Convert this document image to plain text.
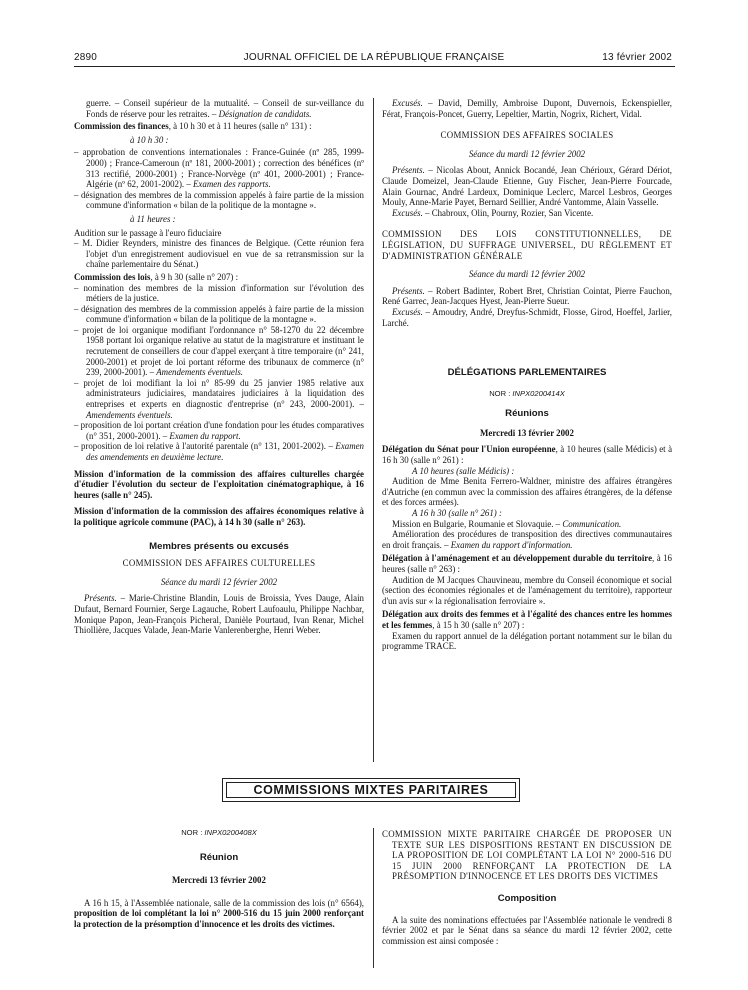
2890	JOURNAL OFFICIEL DE LA RÉPUBLIQUE FRANÇAISE	13 février 2002

guerre. – Conseil supérieur de la mutualité. – Conseil de sur-veillance du Fonds de réserve pour les retraites. – Désignation de candidats.

Commission des finances, à 10 h 30 et à 11 heures (salle n° 131) :

à 10 h 30 :

– approbation de conventions internationales : France-Guinée (nº 285, 1999-2000) ; France-Cameroun (nº 181, 2000-2001) ; correction des bénéfices (nº 313 rectifié, 2000-2001) ; France-Norvège (nº 401, 2000-2001) ; France-Algérie (nº 62, 2001-2002). – Examen des rapports.

– désignation des membres de la commission appelés à faire partie de la mission commune d'information « bilan de la politique de la montagne ».

à 11 heures :

Audition sur le passage à l'euro fiduciaire

– M. Didier Reynders, ministre des finances de Belgique. (Cette réunion fera l'objet d'un enregistrement audiovisuel en vue de sa retransmission sur la chaîne parlementaire du Sénat.)

Commission des lois, à 9 h 30 (salle n° 207) :

– nomination des membres de la mission d'information sur l'évolution des métiers de la justice.

– désignation des membres de la commission appelés à faire partie de la mission commune d'information « bilan de la politique de la montagne ».

– projet de loi organique modifiant l'ordonnance n° 58-1270 du 22 décembre 1958 portant loi organique relative au statut de la magistrature et instituant le recrutement de conseillers de cour d'appel exerçant à titre temporaire (n° 241, 2000-2001) et projet de loi portant réforme des tribunaux de commerce (n° 239, 2000-2001). – Amendements éventuels.

– projet de loi modifiant la loi n° 85-99 du 25 janvier 1985 relative aux administrateurs judiciaires, mandataires judiciaires à la liquidation des entreprises et experts en diagnostic d'entreprise (n° 243, 2000-2001). – Amendements éventuels.

– proposition de loi portant création d'une fondation pour les études comparatives (n° 351, 2000-2001). – Examen du rapport.

– proposition de loi relative à l'autorité parentale (n° 131, 2001-2002). – Examen des amendements en deuxième lecture.

Mission d'information de la commission des affaires culturelles chargée d'étudier l'évolution du secteur de l'exploitation cinématographique, à 16 heures (salle n° 245).

Mission d'information de la commission des affaires économiques relative à la politique agricole commune (PAC), à 14 h 30 (salle n° 263).

Membres présents ou excusés

COMMISSION DES AFFAIRES CULTURELLES

Séance du mardi 12 février 2002

Présents. – Marie-Christine Blandin, Louis de Broissia, Yves Dauge, Alain Dufaut, Bernard Fournier, Serge Lagauche, Robert Laufoaulu, Philippe Nachbar, Monique Papon, Jean-François Picheral, Danièle Pourtaud, Ivan Renar, Michel Thiollière, Jacques Valade, Jean-Marie Vanlerenberghe, Henri Weber.

Excusés. – David, Demilly, Ambroise Dupont, Duvernois, Eckenspieller, Férat, François-Poncet, Guerry, Lepeltier, Martin, Nogrix, Richert, Vidal.

COMMISSION DES AFFAIRES SOCIALES

Séance du mardi 12 février 2002

Présents. – Nicolas About, Annick Bocandé, Jean Chérioux, Gérard Dériot, Claude Domeizel, Jean-Claude Etienne, Guy Fischer, Jean-Pierre Fourcade, Alain Gournac, André Lardeux, Dominique Leclerc, Marcel Lesbros, Georges Mouly, Anne-Marie Payet, Bernard Seillier, André Vantomme, Alain Vasselle.

Excusés. – Chabroux, Olin, Pourny, Rozier, San Vicente.

COMMISSION DES LOIS CONSTITUTIONNELLES, DE LÉGISLATION, DU SUFFRAGE UNIVERSEL, DU RÈGLEMENT ET D'ADMINISTRATION GÉNÉRALE

Séance du mardi 12 février 2002

Présents. – Robert Badinter, Robert Bret, Christian Cointat, Pierre Fauchon, René Garrec, Jean-Jacques Hyest, Jean-Pierre Sueur.

Excusés. – Amoudry, André, Dreyfus-Schmidt, Flosse, Girod, Hoeffel, Jarlier, Larché.

DÉLÉGATIONS PARLEMENTAIRES

NOR : INPX0200414X

Réunions

Mercredi 13 février 2002

Délégation du Sénat pour l'Union européenne, à 10 heures (salle Médicis) et à 16 h 30 (salle n° 261) :

A 10 heures (salle Médicis) :

Audition de Mme Benita Ferrero-Waldner, ministre des affaires étrangères d'Autriche (en commun avec la commission des affaires étrangères, de la défense et des forces armées).

A 16 h 30 (salle n° 261) :

Mission en Bulgarie, Roumanie et Slovaquie. – Communication.

Amélioration des procédures de transposition des directives communautaires en droit français. – Examen du rapport d'information.

Délégation à l'aménagement et au développement durable du territoire, à 16 heures (salle n° 263) :

Audition de M Jacques Chauvineau, membre du Conseil économique et social (section des économies régionales et de l'aménagement du territoire), rapporteur d'un avis sur « la régionalisation ferroviaire ».

Délégation aux droits des femmes et à l'égalité des chances entre les hommes et les femmes, à 15 h 30 (salle n° 207) :

Examen du rapport annuel de la délégation portant notamment sur le bilan du programme TRACE.

COMMISSIONS MIXTES PARITAIRES

NOR : INPX0200408X

Réunion

Mercredi 13 février 2002

A 16 h 15, à l'Assemblée nationale, salle de la commission des lois (n° 6564), proposition de loi complétant la loi n° 2000-516 du 15 juin 2000 renforçant la protection de la présomption d'innocence et les droits des victimes.

COMMISSION MIXTE PARITAIRE CHARGÉE DE PROPOSER UN TEXTE SUR LES DISPOSITIONS RESTANT EN DISCUSSION DE LA PROPOSITION DE LOI COMPLÉTANT LA LOI N° 2000-516 DU 15 JUIN 2000 RENFORÇANT LA PROTECTION DE LA PRÉSOMPTION D'INNOCENCE ET LES DROITS DES VICTIMES

Composition

A la suite des nominations effectuées par l'Assemblée nationale le vendredi 8 février 2002 et par le Sénat dans sa séance du mardi 12 février 2002, cette commission est ainsi composée :
